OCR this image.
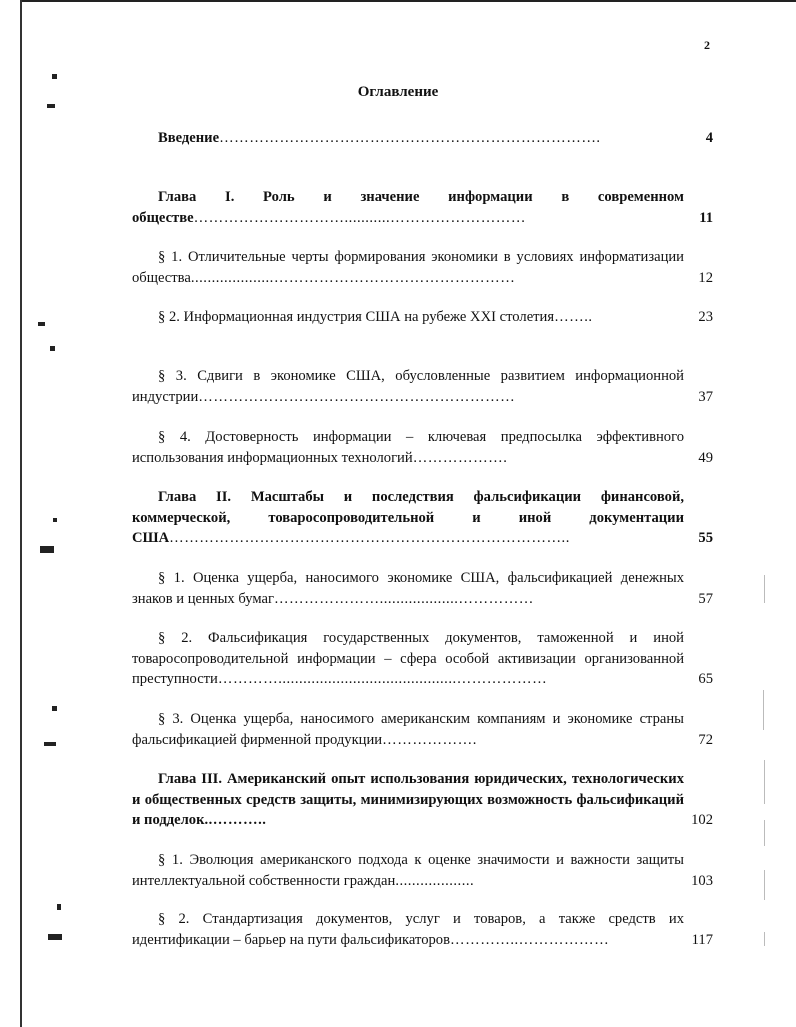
2
Оглавление
Введение………………………………………………………………….	4
Глава I. Роль и значение информации в современном обществе…………………………...........………………………	11
§ 1. Отличительные черты формирования экономики в условиях информатизации общества....................…………………………………………	12
§ 2. Информационная индустрия США на рубеже XXI столетия……..	23
§ 3. Сдвиги в экономике США, обусловленные развитием информационной индустрии………………………………………………………	37
§ 4. Достоверность информации – ключевая предпосылка эффективного использования информационных технологий……………….	49
Глава II. Масштабы и последствия фальсификации финансовой, коммерческой, товаросопроводительной и иной документации США……………………………………………………………………..	55
§ 1. Оценка ущерба, наносимого экономике США, фальсификацией денежных знаков и ценных бумаг…………………...................……………	57
§ 2. Фальсификация государственных документов, таможенной и иной товаросопроводительной информации – сфера особой активизации организованной преступности…………...........................................………………	65
§ 3. Оценка ущерба, наносимого американским компаниям и экономике страны фальсификацией фирменной продукции……………….	72
Глава III. Американский опыт использования юридических, технологических и общественных средств защиты, минимизирующих возможность фальсификаций и подделок..………..	102
§ 1. Эволюция американского подхода к оценке значимости и важности защиты интеллектуальной собственности граждан...................	103
§ 2. Стандартизация документов, услуг и товаров, а также средств их идентификации – барьер на пути фальсификаторов…………..………………	117
